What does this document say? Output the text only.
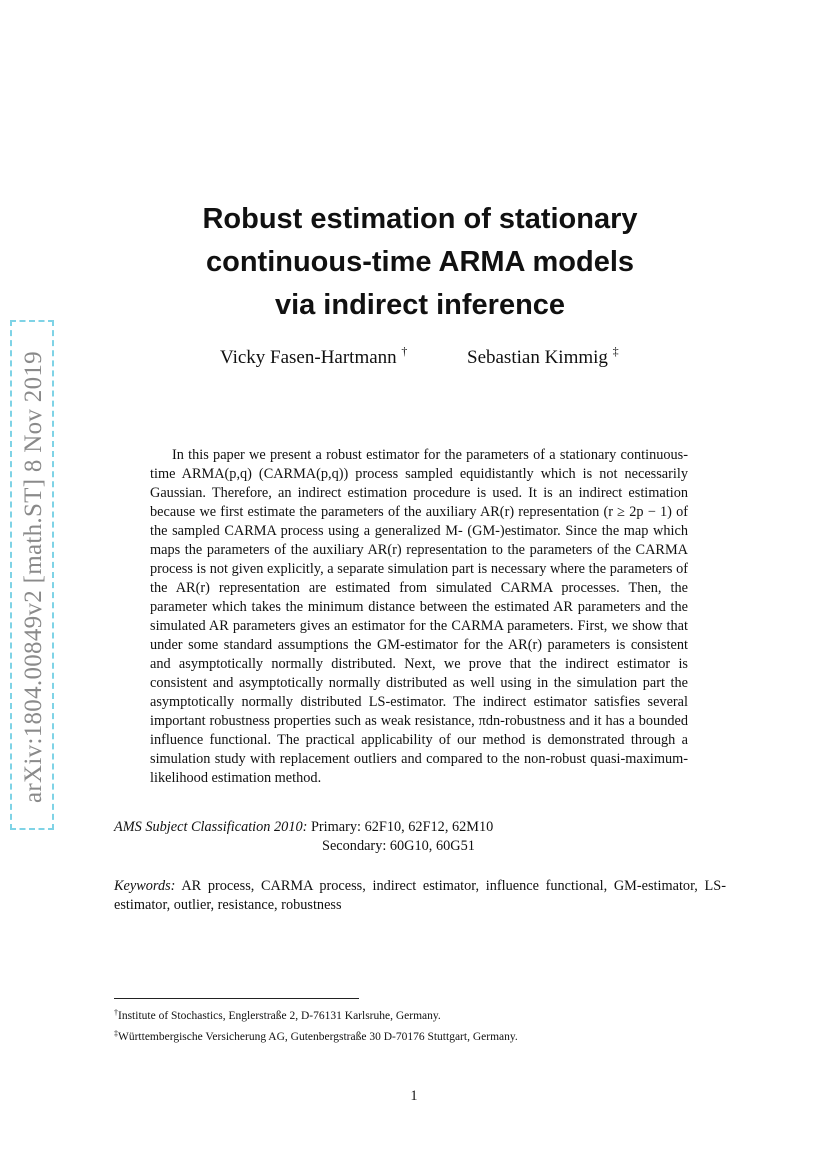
arXiv:1804.00849v2 [math.ST] 8 Nov 2019
Robust estimation of stationary
continuous-time ARMA models
via indirect inference
Vicky Fasen-Hartmann †	Sebastian Kimmig ‡

In this paper we present a robust estimator for the parameters of a stationary continuous-time ARMA(p,q) (CARMA(p,q)) process sampled equidistantly which is not necessarily Gaussian. Therefore, an indirect estimation procedure is used. It is an indirect estimation because we first estimate the parameters of the auxiliary AR(r) representation (r ≥ 2p − 1) of the sampled CARMA process using a generalized M- (GM-)estimator. Since the map which maps the parameters of the auxiliary AR(r) representation to the parameters of the CARMA process is not given explicitly, a separate simulation part is necessary where the parameters of the AR(r) representation are estimated from simulated CARMA processes. Then, the parameter which takes the minimum distance between the estimated AR parameters and the simulated AR parameters gives an estimator for the CARMA parameters. First, we show that under some standard assumptions the GM-estimator for the AR(r) parameters is consistent and asymptotically normally distributed. Next, we prove that the indirect estimator is consistent and asymptotically normally distributed as well using in the simulation part the asymptotically normally distributed LS-estimator. The indirect estimator satisfies several important robustness properties such as weak resistance, πdn-robustness and it has a bounded influence functional. The practical applicability of our method is demonstrated through a simulation study with replacement outliers and compared to the non-robust quasi-maximum-likelihood estimation method.

AMS Subject Classification 2010: Primary: 62F10, 62F12, 62M10
Secondary: 60G10, 60G51

Keywords: AR process, CARMA process, indirect estimator, influence functional, GM-estimator, LS-estimator, outlier, resistance, robustness

†Institute of Stochastics, Englerstraße 2, D-76131 Karlsruhe, Germany.
‡Württembergische Versicherung AG, Gutenbergstraße 30 D-70176 Stuttgart, Germany.
1
